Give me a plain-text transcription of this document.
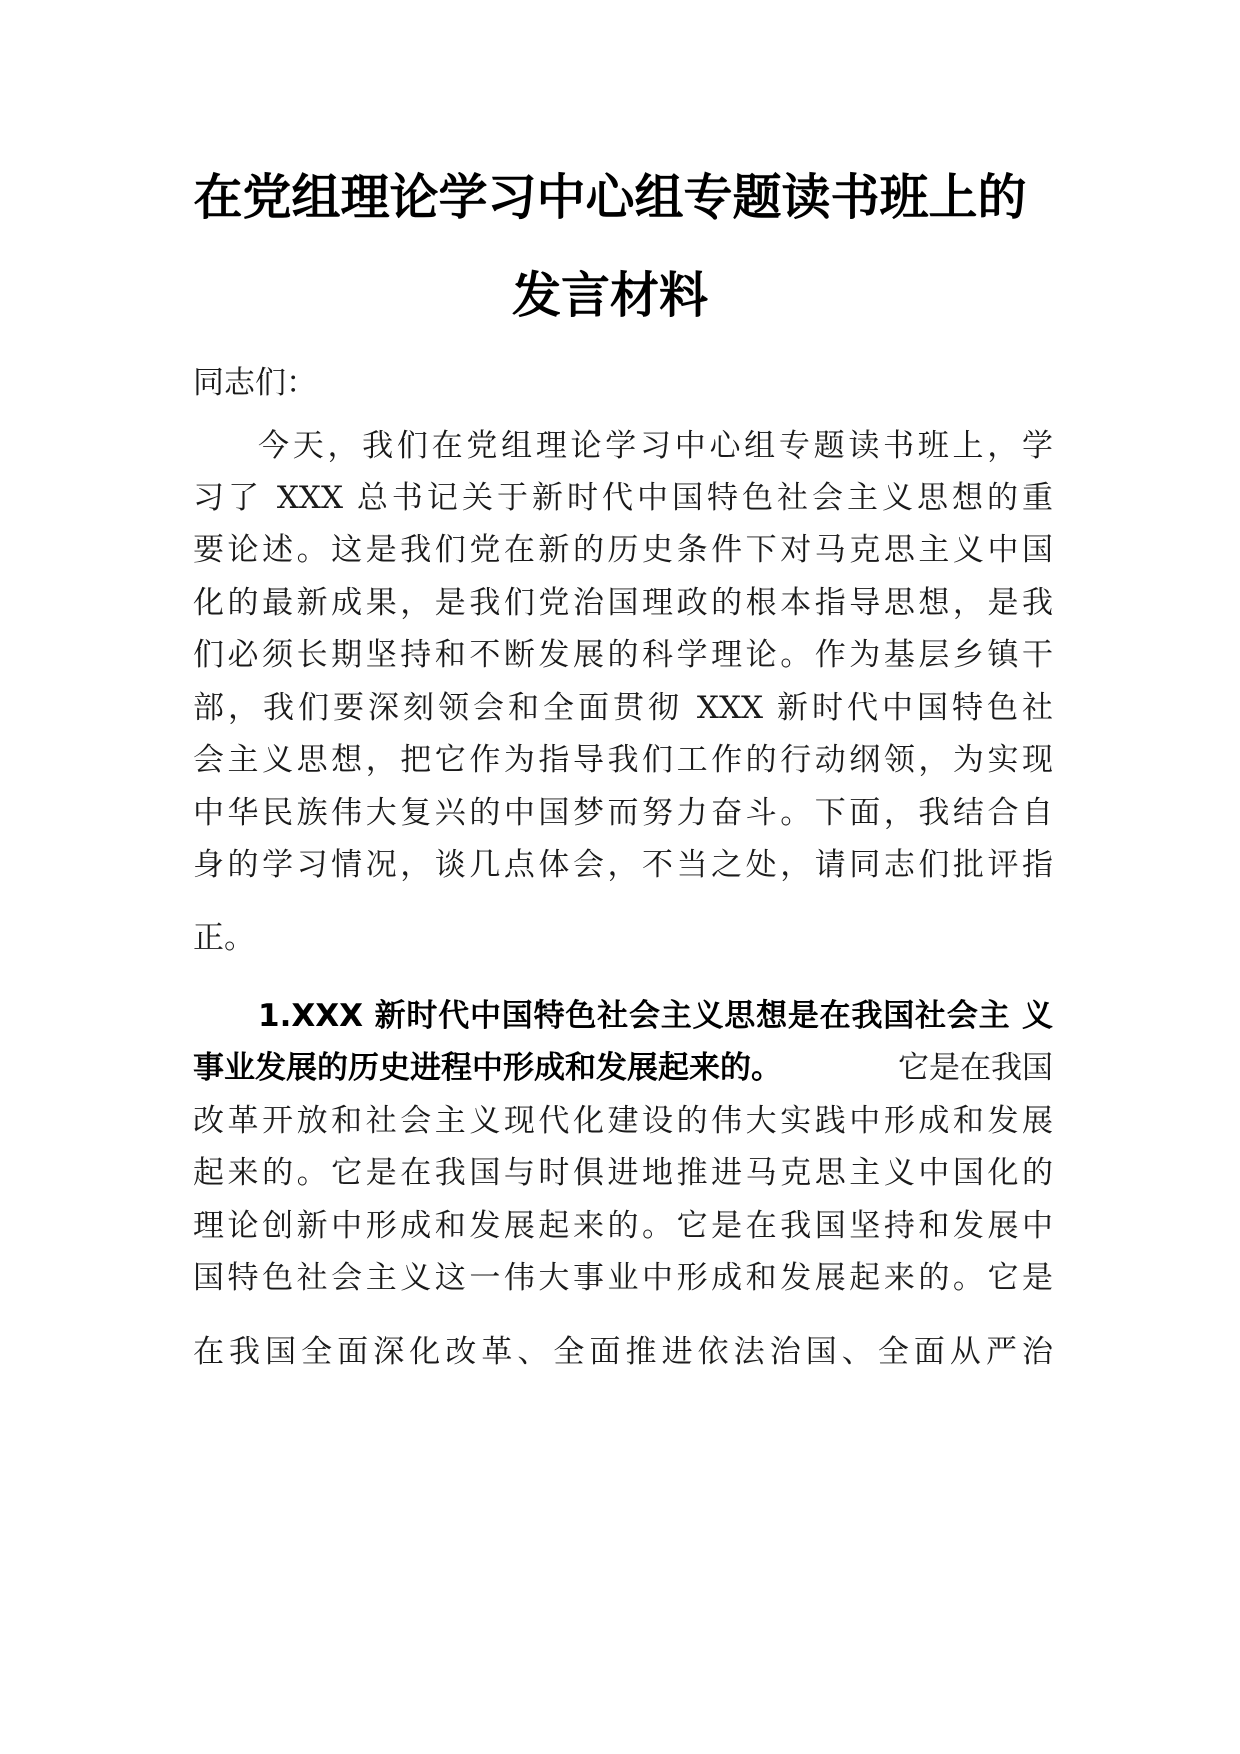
在党组理论学习中心组专题读书班上的
发言材料
同志们：
今天，我们在党组理论学习中心组专题读书班上，学
习了 XXX 总书记关于新时代中国特色社会主义思想的重
要论述。这是我们党在新的历史条件下对马克思主义中国
化的最新成果，是我们党治国理政的根本指导思想，是我
们必须长期坚持和不断发展的科学理论。作为基层乡镇干
部，我们要深刻领会和全面贯彻 XXX 新时代中国特色社
会主义思想，把它作为指导我们工作的行动纲领，为实现
中华民族伟大复兴的中国梦而努力奋斗。下面，我结合自
身的学习情况，谈几点体会，不当之处，请同志们批评指
正。
1.XXX 新时代中国特色社会主义思想是在我国社会主 义
事业发展的历史进程中形成和发展起来的。	它是在我国
改革开放和社会主义现代化建设的伟大实践中形成和发展
起来的。它是在我国与时俱进地推进马克思主义中国化的
理论创新中形成和发展起来的。它是在我国坚持和发展中
国特色社会主义这一伟大事业中形成和发展起来的。它是
在我国全面深化改革、全面推进依法治国、全面从严治
